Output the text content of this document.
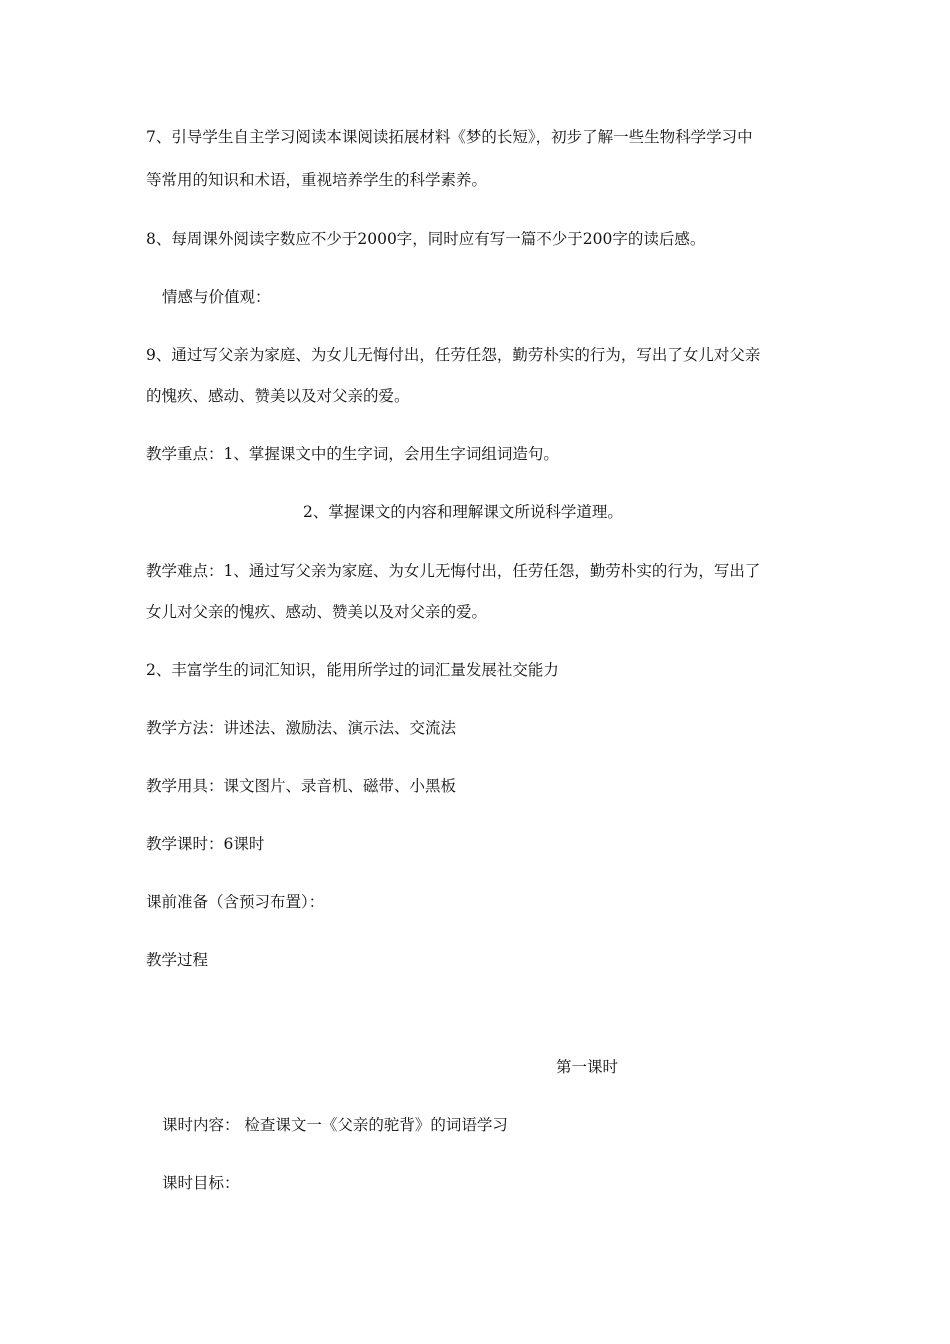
7、引导学生自主学习阅读本课阅读拓展材料《梦的长短》，初步了解一些生物科学学习中
等常用的知识和术语，重视培养学生的科学素养。
8、每周课外阅读字数应不少于2000字，同时应有写一篇不少于200字的读后感。
情感与价值观：
9、通过写父亲为家庭、为女儿无悔付出，任劳任怨，勤劳朴实的行为，写出了女儿对父亲
的愧疚、感动、赞美以及对父亲的爱。
教学重点：1、掌握课文中的生字词，会用生字词组词造句。
2、掌握课文的内容和理解课文所说科学道理。
教学难点：1、通过写父亲为家庭、为女儿无悔付出，任劳任怨，勤劳朴实的行为，写出了
女儿对父亲的愧疚、感动、赞美以及对父亲的爱。
2、丰富学生的词汇知识，能用所学过的词汇量发展社交能力
教学方法：讲述法、激励法、演示法、交流法
教学用具：课文图片、录音机、磁带、小黑板
教学课时：6课时
课前准备（含预习布置）：
教学过程
第一课时
课时内容： 检查课文一《父亲的驼背》的词语学习
课时目标：
